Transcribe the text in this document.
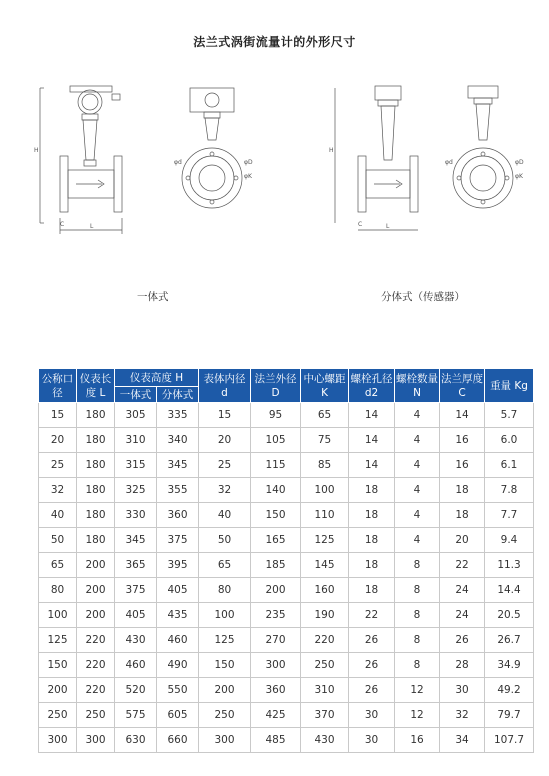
法兰式涡街流量计的外形尺寸
H
L
C
φd	φD
φK
H
L
C
φd	φD
φK
一体式	分体式（传感器）
公称口径	仪表长度 L	仪表高度 H		表体内径 d	法兰外径 D	中心螺距 K	螺栓孔径 d2	螺栓数量 N	法兰厚度 C	重量 Kg
		一体式	分体式							
15	180	305	335	15	95	65	14	4	14	5.7
20	180	310	340	20	105	75	14	4	16	6.0
25	180	315	345	25	115	85	14	4	16	6.1
32	180	325	355	32	140	100	18	4	18	7.8
40	180	330	360	40	150	110	18	4	18	7.7
50	180	345	375	50	165	125	18	4	20	9.4
65	200	365	395	65	185	145	18	8	22	11.3
80	200	375	405	80	200	160	18	8	24	14.4
100	200	405	435	100	235	190	22	8	24	20.5
125	220	430	460	125	270	220	26	8	26	26.7
150	220	460	490	150	300	250	26	8	28	34.9
200	220	520	550	200	360	310	26	12	30	49.2
250	250	575	605	250	425	370	30	12	32	79.7
300	300	630	660	300	485	430	30	16	34	107.7
